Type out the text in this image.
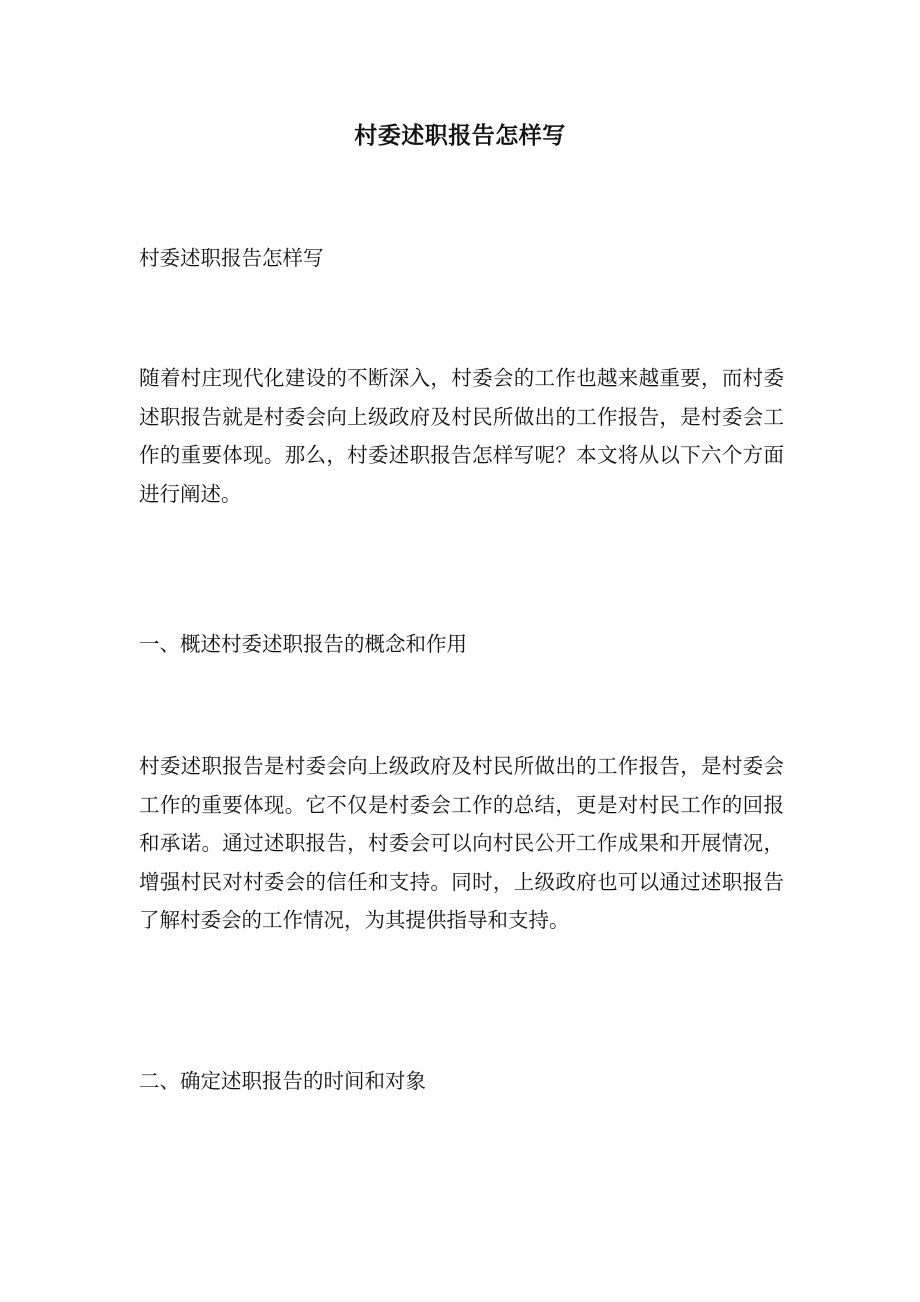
村委述职报告怎样写

村委述职报告怎样写

随着村庄现代化建设的不断深入，村委会的工作也越来越重要，而村委述职报告就是村委会向上级政府及村民所做出的工作报告，是村委会工作的重要体现。那么，村委述职报告怎样写呢？本文将从以下六个方面进行阐述。

一、概述村委述职报告的概念和作用

村委述职报告是村委会向上级政府及村民所做出的工作报告，是村委会工作的重要体现。它不仅是村委会工作的总结，更是对村民工作的回报和承诺。通过述职报告，村委会可以向村民公开工作成果和开展情况，增强村民对村委会的信任和支持。同时，上级政府也可以通过述职报告了解村委会的工作情况，为其提供指导和支持。

二、确定述职报告的时间和对象
